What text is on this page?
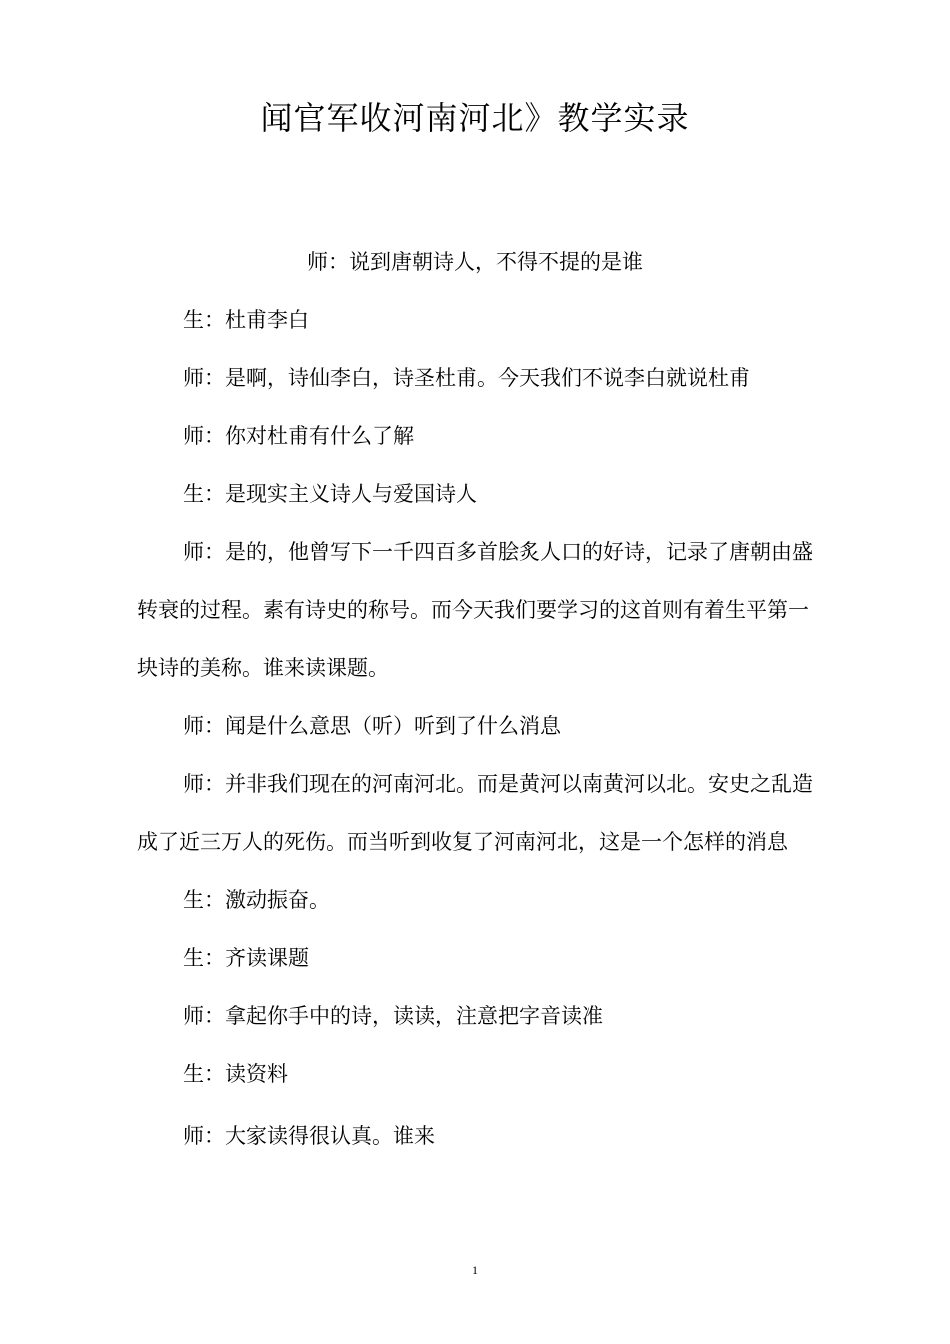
闻官军收河南河北》教学实录

师：说到唐朝诗人，不得不提的是谁

生：杜甫李白

师：是啊，诗仙李白，诗圣杜甫。今天我们不说李白就说杜甫

师：你对杜甫有什么了解

生：是现实主义诗人与爱国诗人

师：是的，他曾写下一千四百多首脍炙人口的好诗，记录了唐朝由盛转衰的过程。素有诗史的称号。而今天我们要学习的这首则有着生平第一块诗的美称。谁来读课题。

师：闻是什么意思（听）听到了什么消息

师：并非我们现在的河南河北。而是黄河以南黄河以北。安史之乱造成了近三万人的死伤。而当听到收复了河南河北，这是一个怎样的消息

生：激动振奋。

生：齐读课题

师：拿起你手中的诗，读读，注意把字音读准

生：读资料

师：大家读得很认真。谁来

1
